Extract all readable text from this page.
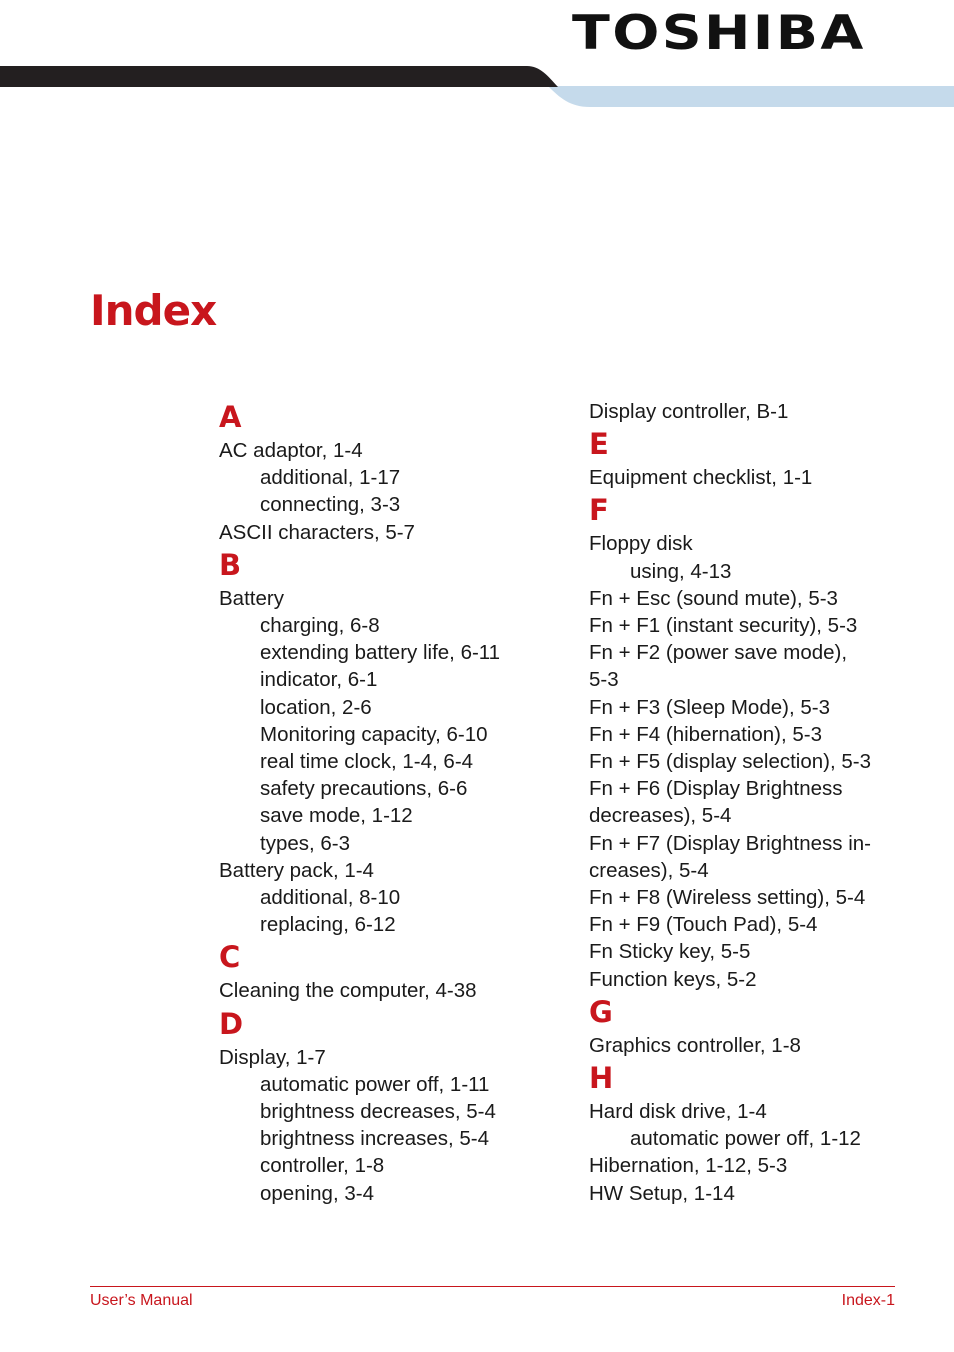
TOSHIBA
Index
A
AC adaptor, 1-4
additional, 1-17
connecting, 3-3
ASCII characters, 5-7
B
Battery
charging, 6-8
extending battery life, 6-11
indicator, 6-1
location, 2-6
Monitoring capacity, 6-10
real time clock, 1-4, 6-4
safety precautions, 6-6
save mode, 1-12
types, 6-3
Battery pack, 1-4
additional, 8-10
replacing, 6-12
C
Cleaning the computer, 4-38
D
Display, 1-7
automatic power off, 1-11
brightness decreases, 5-4
brightness increases, 5-4
controller, 1-8
opening, 3-4
Display controller, B-1
E
Equipment checklist, 1-1
F
Floppy disk
using, 4-13
Fn + Esc (sound mute), 5-3
Fn + F1 (instant security), 5-3
Fn + F2 (power save mode),
5-3
Fn + F3 (Sleep Mode), 5-3
Fn + F4 (hibernation), 5-3
Fn + F5 (display selection), 5-3
Fn + F6 (Display Brightness
decreases), 5-4
Fn + F7 (Display Brightness in-
creases), 5-4
Fn + F8 (Wireless setting), 5-4
Fn + F9 (Touch Pad), 5-4
Fn Sticky key, 5-5
Function keys, 5-2
G
Graphics controller, 1-8
H
Hard disk drive, 1-4
automatic power off, 1-12
Hibernation, 1-12, 5-3
HW Setup, 1-14
User’s Manual	Index-1
